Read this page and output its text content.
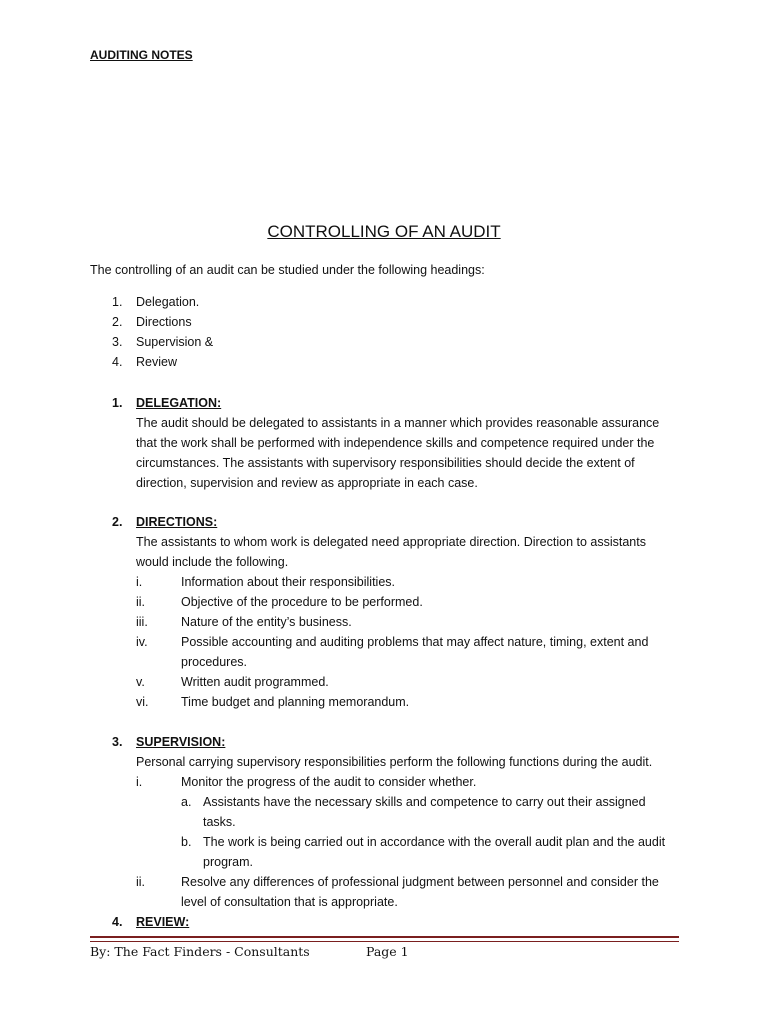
AUDITING NOTES
CONTROLLING OF AN AUDIT
The controlling of an audit can be studied under the following headings:
1. Delegation.
2. Directions
3. Supervision &
4. Review
1. DELEGATION:
The audit should be delegated to assistants in a manner which provides reasonable assurance
that the work shall be performed with independence skills and competence required under the
circumstances. The assistants with supervisory responsibilities should decide the extent of
direction, supervision and review as appropriate in each case.
2. DIRECTIONS:
The assistants to whom work is delegated need appropriate direction. Direction to assistants
would include the following.
i.	Information about their responsibilities.
ii.	Objective of the procedure to be performed.
iii.	Nature of the entity’s business.
iv.	Possible accounting and auditing problems that may affect nature, timing, extent and
procedures.
v.	Written audit programmed.
vi.	Time budget and planning memorandum.
3. SUPERVISION:
Personal carrying supervisory responsibilities perform the following functions during the audit.
i.	Monitor the progress of the audit to consider whether.
a. Assistants have the necessary skills and competence to carry out their assigned
tasks.
b. The work is being carried out in accordance with the overall audit plan and the audit
program.
ii.	Resolve any differences of professional judgment between personnel and consider the
level of consultation that is appropriate.
4. REVIEW:
By: The Fact Finders - Consultants	Page 1
